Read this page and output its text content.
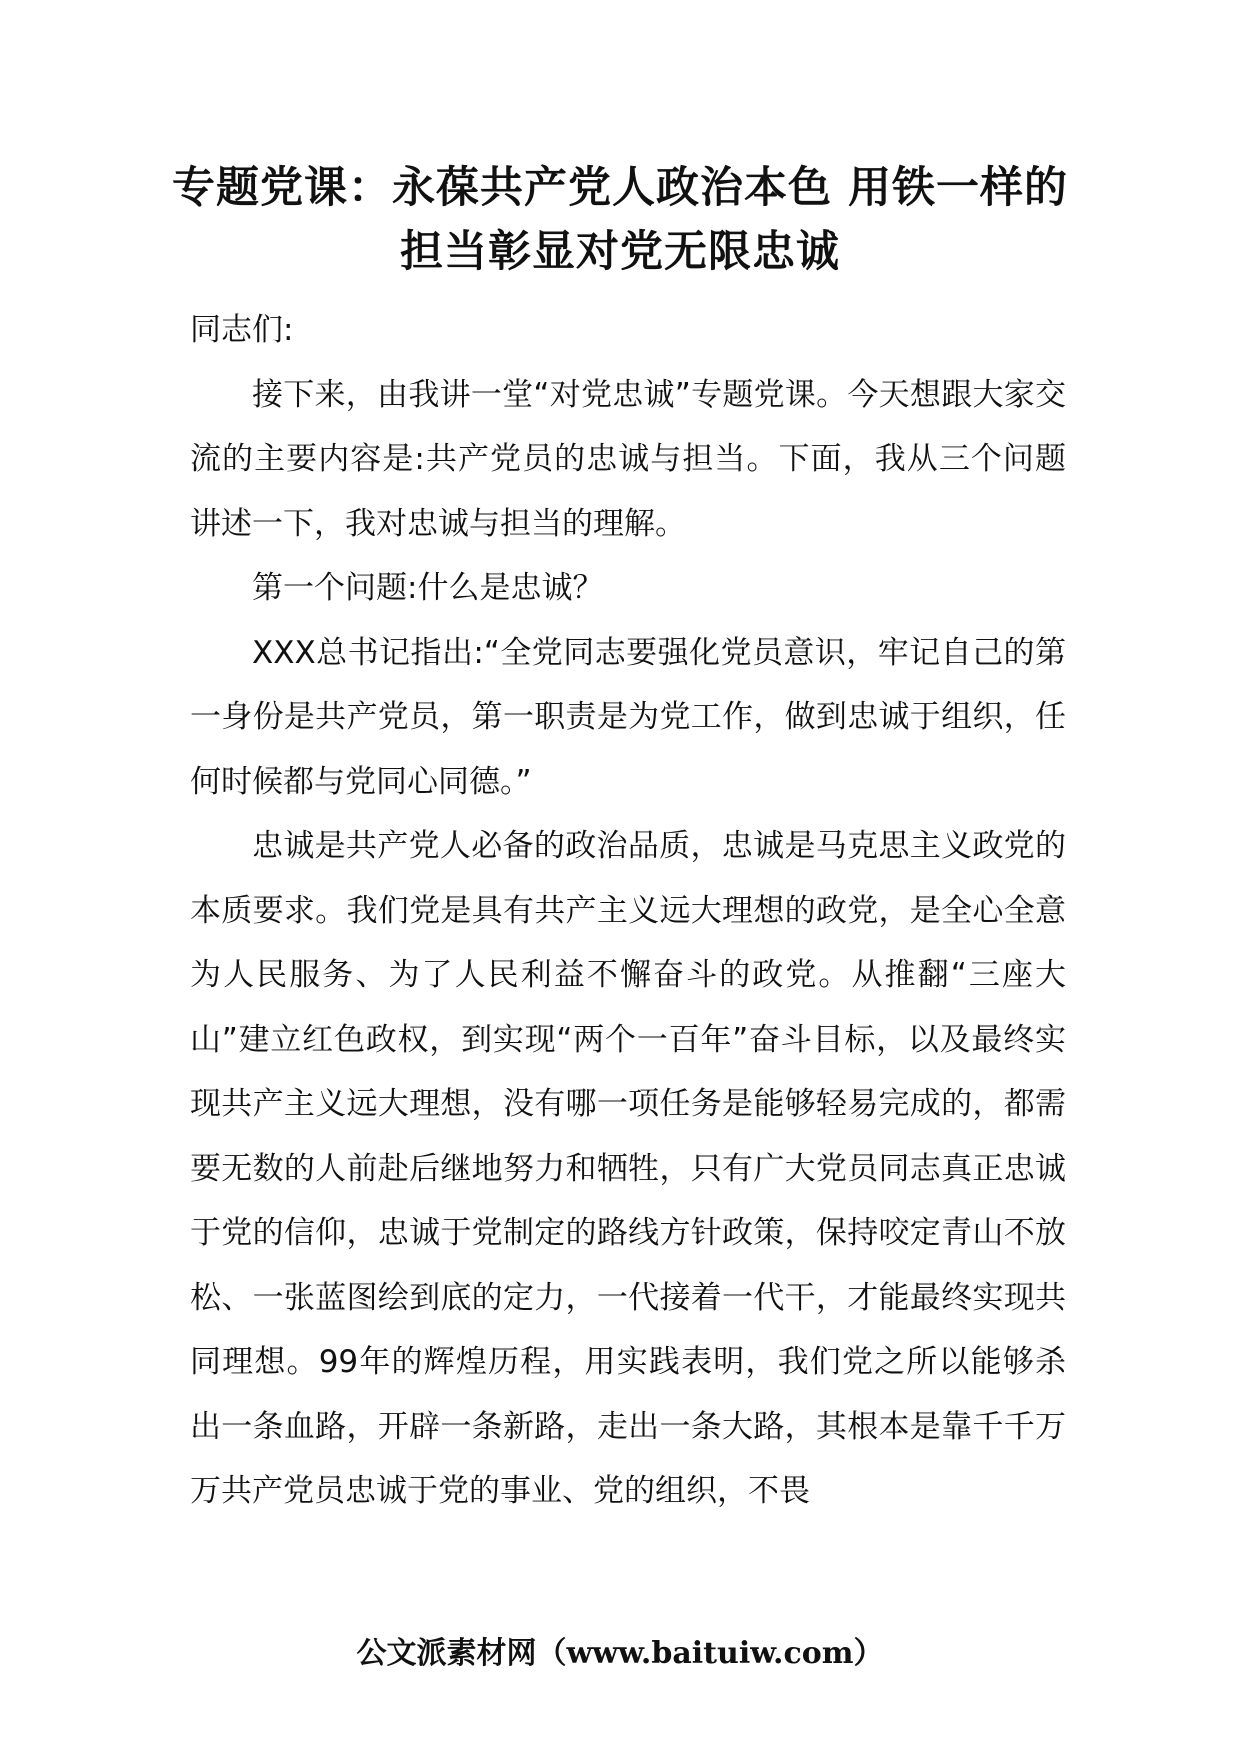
专题党课：永葆共产党人政治本色 用铁一样的担当彰显对党无限忠诚

同志们:

接下来，由我讲一堂“对党忠诚”专题党课。今天想跟大家交流的主要内容是:共产党员的忠诚与担当。下面，我从三个问题讲述一下，我对忠诚与担当的理解。

第一个问题:什么是忠诚？

XXX总书记指出:“全党同志要强化党员意识，牢记自己的第一身份是共产党员，第一职责是为党工作，做到忠诚于组织，任何时候都与党同心同德。”

忠诚是共产党人必备的政治品质，忠诚是马克思主义政党的本质要求。我们党是具有共产主义远大理想的政党，是全心全意为人民服务、为了人民利益不懈奋斗的政党。从推翻“三座大山”建立红色政权，到实现“两个一百年”奋斗目标，以及最终实现共产主义远大理想，没有哪一项任务是能够轻易完成的，都需要无数的人前赴后继地努力和牺牲，只有广大党员同志真正忠诚于党的信仰，忠诚于党制定的路线方针政策，保持咬定青山不放松、一张蓝图绘到底的定力，一代接着一代干，才能最终实现共同理想。99年的辉煌历程，用实践表明，我们党之所以能够杀出一条血路，开辟一条新路，走出一条大路，其根本是靠千千万万共产党员忠诚于党的事业、党的组织，不畏

公文派素材网（www.baituiw.com）
